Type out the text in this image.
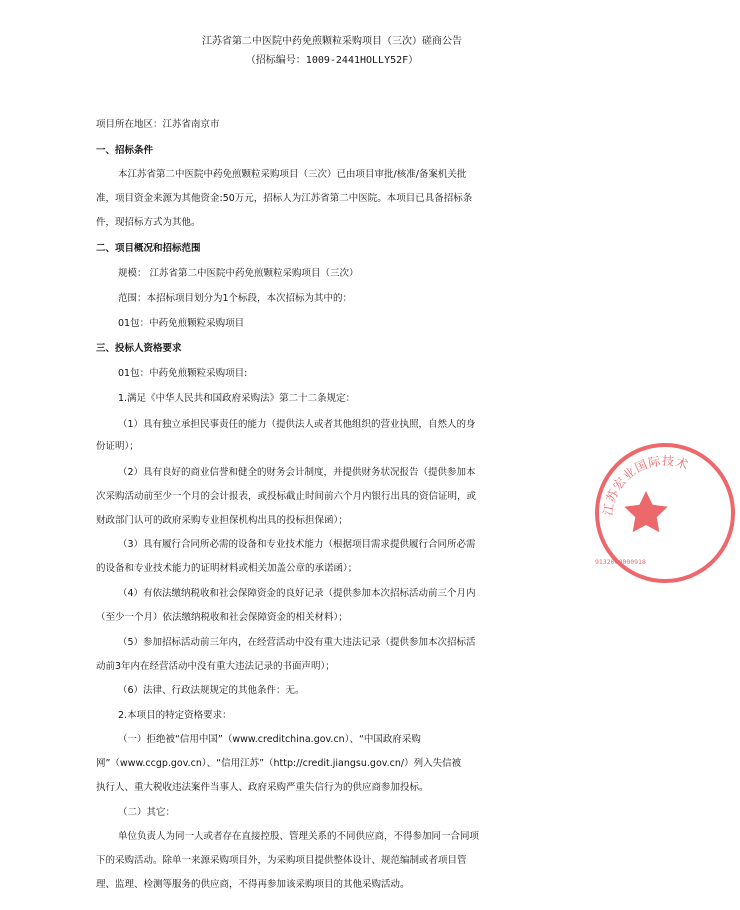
江苏省第二中医院中药免煎颗粒采购项目（三次）磋商公告
（招标编号：1009-2441HOLLY52F）
项目所在地区：江苏省南京市
一、招标条件
本江苏省第二中医院中药免煎颗粒采购项目（三次）已由项目审批/核准/备案机关批
准，项目资金来源为其他资金:50万元，招标人为江苏省第二中医院。本项目已具备招标条
件，现招标方式为其他。
二、项目概况和招标范围
规模： 江苏省第二中医院中药免煎颗粒采购项目（三次）
范围：本招标项目划分为1个标段，本次招标为其中的：
01包：中药免煎颗粒采购项目
三、投标人资格要求
01包：中药免煎颗粒采购项目:
1.满足《中华人民共和国政府采购法》第二十二条规定：
（1）具有独立承担民事责任的能力（提供法人或者其他组织的营业执照，自然人的身
份证明）；
（2）具有良好的商业信誉和健全的财务会计制度，并提供财务状况报告（提供参加本
次采购活动前至少一个月的会计报表，或投标截止时间前六个月内银行出具的资信证明，或
财政部门认可的政府采购专业担保机构出具的投标担保函）；
（3）具有履行合同所必需的设备和专业技术能力（根据项目需求提供履行合同所必需
的设备和专业技术能力的证明材料或相关加盖公章的承诺函）；
（4）有依法缴纳税收和社会保障资金的良好记录（提供参加本次招标活动前三个月内
（至少一个月）依法缴纳税收和社会保障资金的相关材料）；
（5）参加招标活动前三年内，在经营活动中没有重大违法记录（提供参加本次招标活
动前3年内在经营活动中没有重大违法记录的书面声明）；
（6）法律、行政法规规定的其他条件：无。
2.本项目的特定资格要求：
（一）拒绝被“信用中国”（www.creditchina.gov.cn）、“中国政府采购
网”（www.ccgp.gov.cn）、“信用江苏”（http://credit.jiangsu.gov.cn/）列入失信被
执行人、重大税收违法案件当事人、政府采购严重失信行为的供应商参加投标。
（二）其它：
单位负责人为同一人或者存在直接控股、管理关系的不同供应商，不得参加同一合同项
下的采购活动。除单一来源采购项目外，为采购项目提供整体设计、规范编制或者项目管
理、监理、检测等服务的供应商，不得再参加该采购项目的其他采购活动。
江苏宏业国际技术
9132000000918
